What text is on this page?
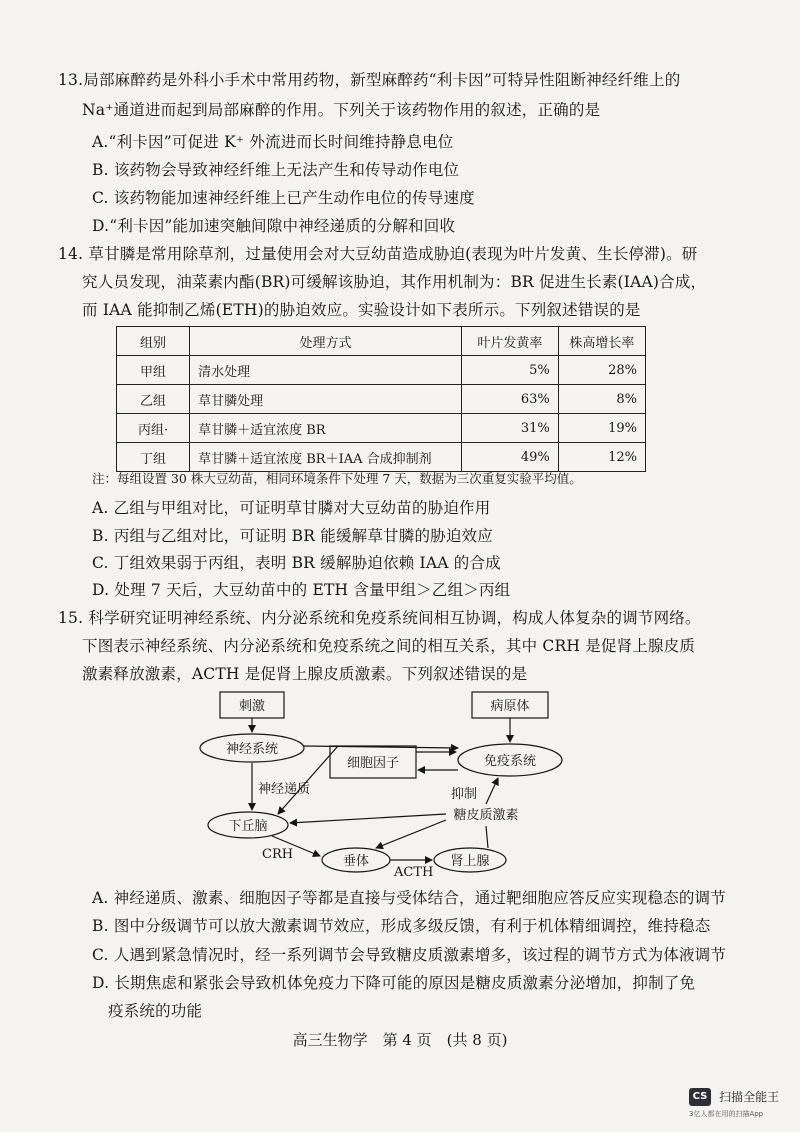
13.局部麻醉药是外科小手术中常用药物，新型麻醉药“利卡因”可特异性阻断神经纤维上的
Na⁺通道进而起到局部麻醉的作用。下列关于该药物作用的叙述，正确的是
A.“利卡因”可促进 K⁺ 外流进而长时间维持静息电位
B. 该药物会导致神经纤维上无法产生和传导动作电位
C. 该药物能加速神经纤维上已产生动作电位的传导速度
D.“利卡因”能加速突触间隙中神经递质的分解和回收
14. 草甘膦是常用除草剂，过量使用会对大豆幼苗造成胁迫(表现为叶片发黄、生长停滞)。研
究人员发现，油菜素内酯(BR)可缓解该胁迫，其作用机制为：BR 促进生长素(IAA)合成，
而 IAA 能抑制乙烯(ETH)的胁迫效应。实验设计如下表所示。下列叙述错误的是
组别	处理方式	叶片发黄率	株高增长率
甲组	清水处理	5%	28%
乙组	草甘膦处理	63%	8%
丙组·	草甘膦＋适宜浓度 BR	31%	19%
丁组	草甘膦＋适宜浓度 BR＋IAA 合成抑制剂	49%	12%
注：每组设置 30 株大豆幼苗，相同环境条件下处理 7 天，数据为三次重复实验平均值。
A. 乙组与甲组对比，可证明草甘膦对大豆幼苗的胁迫作用
B. 丙组与乙组对比，可证明 BR 能缓解草甘膦的胁迫效应
C. 丁组效果弱于丙组，表明 BR 缓解胁迫依赖 IAA 的合成
D. 处理 7 天后，大豆幼苗中的 ETH 含量甲组＞乙组＞丙组
15. 科学研究证明神经系统、内分泌系统和免疫系统间相互协调，构成人体复杂的调节网络。
下图表示神经系统、内分泌系统和免疫系统之间的相互关系，其中 CRH 是促肾上腺皮质
激素释放激素，ACTH 是促肾上腺皮质激素。下列叙述错误的是
刺激	病原体
神经系统
细胞因子	免疫系统
下丘脑
垂体	肾上腺
糖皮质激素
神经递质	抑制
CRH
ACTH
A. 神经递质、激素、细胞因子等都是直接与受体结合，通过靶细胞应答反应实现稳态的调节
B. 图中分级调节可以放大激素调节效应，形成多级反馈，有利于机体精细调控，维持稳态
C. 人遇到紧急情况时，经一系列调节会导致糖皮质激素增多，该过程的调节方式为体液调节
D. 长期焦虑和紧张会导致机体免疫力下降可能的原因是糖皮质激素分泌增加，抑制了免
疫系统的功能
高三生物学　第 4 页　(共 8 页)
CS 扫描全能王
3亿人都在用的扫描App
